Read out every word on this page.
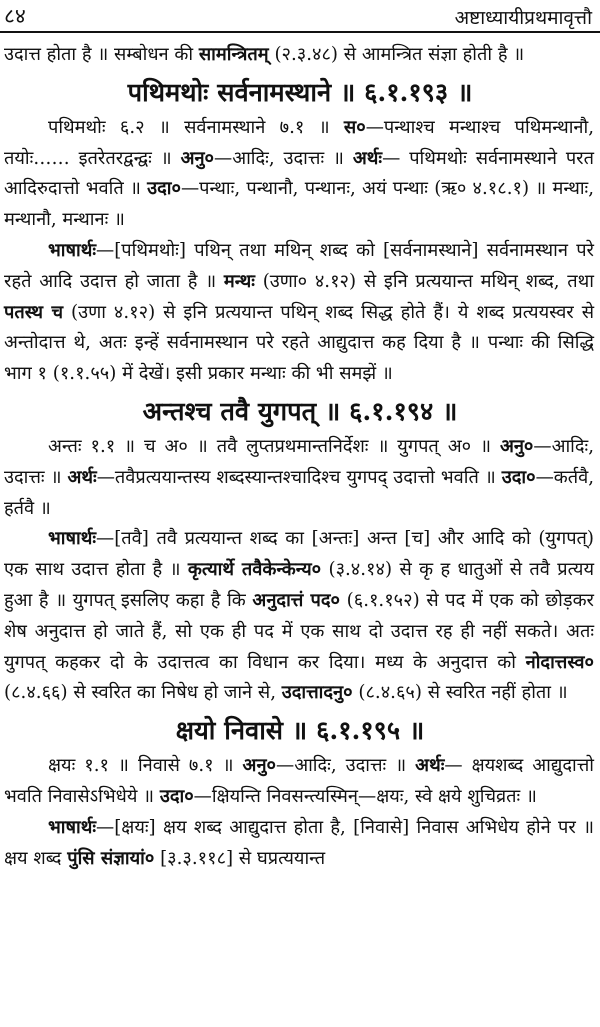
८४	अष्टाध्यायीप्रथमावृत्तौ

उदात्त होता है ॥ सम्बोधन की सामन्त्रितम् (२.३.४८) से आमन्त्रित संज्ञा होती है ॥

पथिमथोः सर्वनामस्थाने ॥ ६.१.१९३ ॥

पथिमथोः ६.२ ॥ सर्वनामस्थाने ७.१ ॥ स०—पन्थाश्च मन्थाश्च पथिमन्थानौ, तयोः…… इतरेतरद्वन्द्वः ॥ अनु०—आदिः, उदात्तः ॥ अर्थः— पथिमथोः सर्वनामस्थाने परत आदिरुदात्तो भवति ॥ उदा०—पन्थाः, पन्थानौ, पन्थानः, अयं पन्थाः (ऋ० ४.१८.१) ॥ मन्थाः, मन्थानौ, मन्थानः ॥

भाषार्थः—[पथिमथोः] पथिन् तथा मथिन् शब्द को [सर्वनामस्थाने] सर्वनामस्थान परे रहते आदि उदात्त हो जाता है ॥ मन्थः (उणा० ४.१२) से इनि प्रत्ययान्त मथिन् शब्द, तथा पतस्थ च (उणा ४.१२) से इनि प्रत्ययान्त पथिन् शब्द सिद्ध होते हैं। ये शब्द प्रत्ययस्वर से अन्तोदात्त थे, अतः इन्हें सर्वनामस्थान परे रहते आद्युदात्त कह दिया है ॥ पन्थाः की सिद्धि भाग १ (१.१.५५) में देखें। इसी प्रकार मन्थाः की भी समझें ॥

अन्तश्च तवै युगपत् ॥ ६.१.१९४ ॥

अन्तः १.१ ॥ च अ० ॥ तवै लुप्तप्रथमान्तनिर्देशः ॥ युगपत् अ० ॥ अनु०—आदिः, उदात्तः ॥ अर्थः—तवैप्रत्ययान्तस्य शब्दस्यान्तश्चादिश्च युगपद् उदात्तो भवति ॥ उदा०—कर्तवै, हर्तवै ॥

भाषार्थः—[तवै] तवै प्रत्ययान्त शब्द का [अन्तः] अन्त [च] और आदि को (युगपत्) एक साथ उदात्त होता है ॥ कृत्यार्थे तवैकेन्केन्य० (३.४.१४) से कृ ह धातुओं से तवै प्रत्यय हुआ है ॥ युगपत् इसलिए कहा है कि अनुदात्तं पद० (६.१.१५२) से पद में एक को छोड़कर शेष अनुदात्त हो जाते हैं, सो एक ही पद में एक साथ दो उदात्त रह ही नहीं सकते। अतः युगपत् कहकर दो के उदात्तत्व का विधान कर दिया। मध्य के अनुदात्त को नोदात्तस्व० (८.४.६६) से स्वरित का निषेध हो जाने से, उदात्तादनु० (८.४.६५) से स्वरित नहीं होता ॥

क्षयो निवासे ॥ ६.१.१९५ ॥

क्षयः १.१ ॥ निवासे ७.१ ॥ अनु०—आदिः, उदात्तः ॥ अर्थः— क्षयशब्द आद्युदात्तो भवति निवासेऽभिधेये ॥ उदा०—क्षियन्ति निवसन्त्यस्मिन्—क्षयः, स्वे क्षये शुचिव्रतः ॥

भाषार्थः—[क्षयः] क्षय शब्द आद्युदात्त होता है, [निवासे] निवास अभिधेय होने पर ॥ क्षय शब्द पुंसि संज्ञायां० [३.३.११८] से घप्रत्ययान्त
